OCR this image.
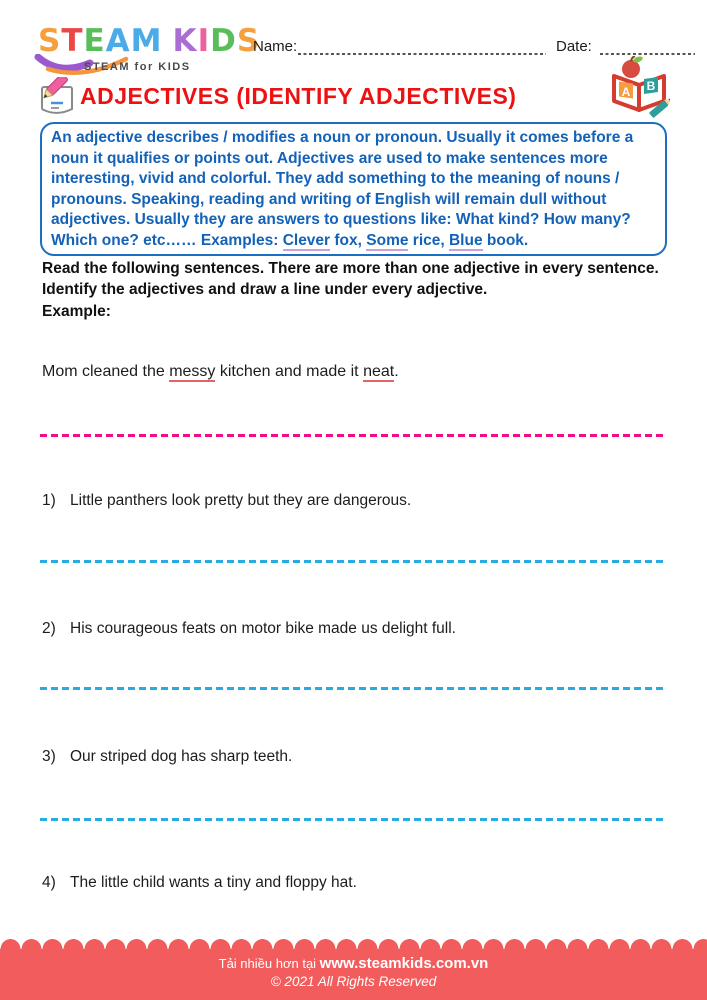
STEAM KIDS
STEAM for KIDS
Name:	Date:
ADJECTIVES (IDENTIFY ADJECTIVES)	A B
An adjective describes / modifies a noun or pronoun. Usually it comes before a noun it qualifies or points out. Adjectives are used to make sentences more interesting, vivid and colorful. They add something to the meaning of nouns / pronouns. Speaking, reading and writing of English will remain dull without adjectives. Usually they are answers to questions like: What kind? How many? Which one? etc…… Examples: Clever fox, Some rice, Blue book.
Read the following sentences. There are more than one adjective in every sentence. Identify the adjectives and draw a line under every adjective.
Example:
Mom cleaned the messy kitchen and made it neat.
1) Little panthers look pretty but they are dangerous.
2) His courageous feats on motor bike made us delight full.
3) Our striped dog has sharp teeth.
4) The little child wants a tiny and floppy hat.
Tải nhiều hơn tại www.steamkids.com.vn
© 2021 All Rights Reserved
